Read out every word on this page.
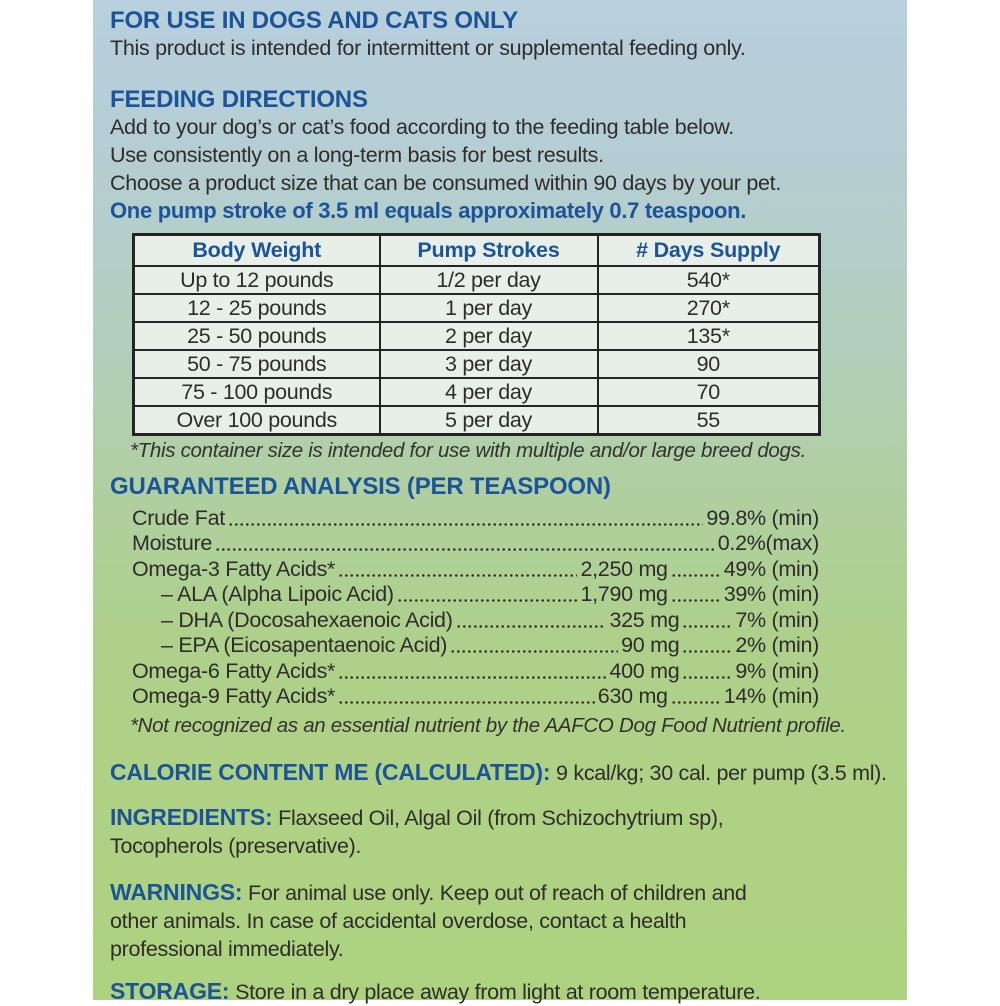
FOR USE IN DOGS AND CATS ONLY

This product is intended for intermittent or supplemental feeding only.

FEEDING DIRECTIONS

Add to your dog’s or cat’s food according to the feeding table below.

Use consistently on a long-term basis for best results.

Choose a product size that can be consumed within 90 days by your pet.

One pump stroke of 3.5 ml equals approximately 0.7 teaspoon.

Body Weight	Pump Strokes	# Days Supply
Up to 12 pounds	1/2 per day	540*
12 - 25 pounds	1 per day	270*
25 - 50 pounds	2 per day	135*
50 - 75 pounds	3 per day	90
75 - 100 pounds	4 per day	70
Over 100 pounds	5 per day	55

*This container size is intended for use with multiple and/or large breed dogs.

GUARANTEED ANALYSIS (PER TEASPOON)
Crude Fat	99.8% (min)
Moisture	0.2%(max)
Omega-3 Fatty Acids*	2,250 mg	49% (min)
– ALA (Alpha Lipoic Acid)	1,790 mg	39% (min)
– DHA (Docosahexaenoic Acid)	325 mg	7% (min)
– EPA (Eicosapentaenoic Acid)	90 mg	2% (min)
Omega-6 Fatty Acids*	400 mg	9% (min)
Omega-9 Fatty Acids*	630 mg	14% (min)

*Not recognized as an essential nutrient by the AAFCO Dog Food Nutrient profile.

CALORIE CONTENT ME (CALCULATED): 9 kcal/kg; 30 cal. per pump (3.5 ml).

INGREDIENTS: Flaxseed Oil, Algal Oil (from Schizochytrium sp), Tocopherols (preservative).

WARNINGS: For animal use only. Keep out of reach of children and other animals. In case of accidental overdose, contact a health professional immediately.

STORAGE: Store in a dry place away from light at room temperature.
